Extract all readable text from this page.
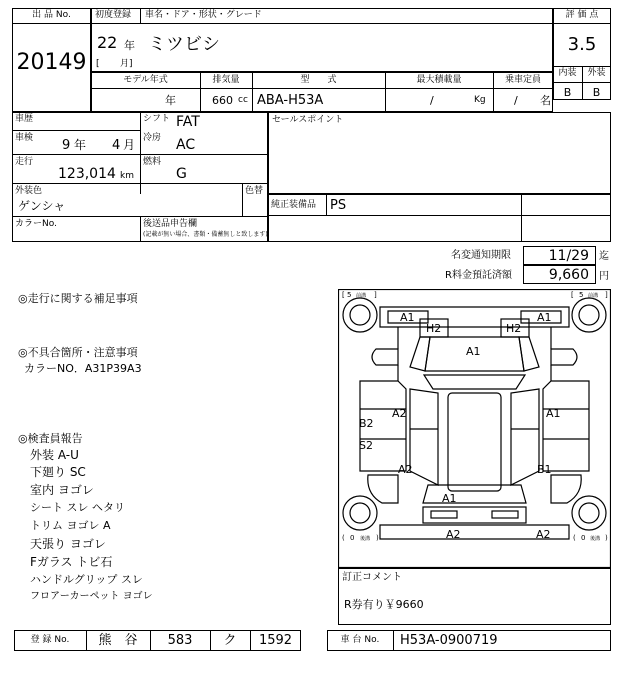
出 品 No.
20149
初度登録 車名・ドア・形状・グレード
22 年
[ 月]
ミツビシ
評 価 点
3.5
内装	外装
B	B
モデル年式	排気量	型　　式	最大積載量	乗車定員
年	660 cc ABA-H53A	/	Kg	/ 名
車歴	シフト FAT
車検 9 年 4 月 冷房 AC
走行
123,014 km
燃料
G
外装色
ゲンシャ
色替
カラーNo.	後送品申告欄
(記載が無い場合、書類・備蓄無しと致します)
セールスポイント
純正装備品 PS
名変通知期限	11/29 迄
R料金預託済額	9,660 円
◎走行に関する補足事項
◎不具合箇所・注意事項
カラーNO．A31P39A3
◎検査員報告
外装 A-U
下廻り SC
室内 ヨゴレ
シート スレ ヘタリ
トリム ヨゴレ A
天張り ヨゴレ
Fガラス トビ石
ハンドルグリップ スレ
フロアーカーペット ヨゴレ
[ 5 前溝 ]	[ 5 前溝 ]
( 0 後溝 )	( 0 後溝 )
A1	A1
H2	H2
A1
A2
B2
S2
A1
A2	B1
A1
A2	A2
訂正コメント
R券有り￥9660
登 録 No.	熊　谷	583	ク	1592	車 台 No.	H53A-0900719
